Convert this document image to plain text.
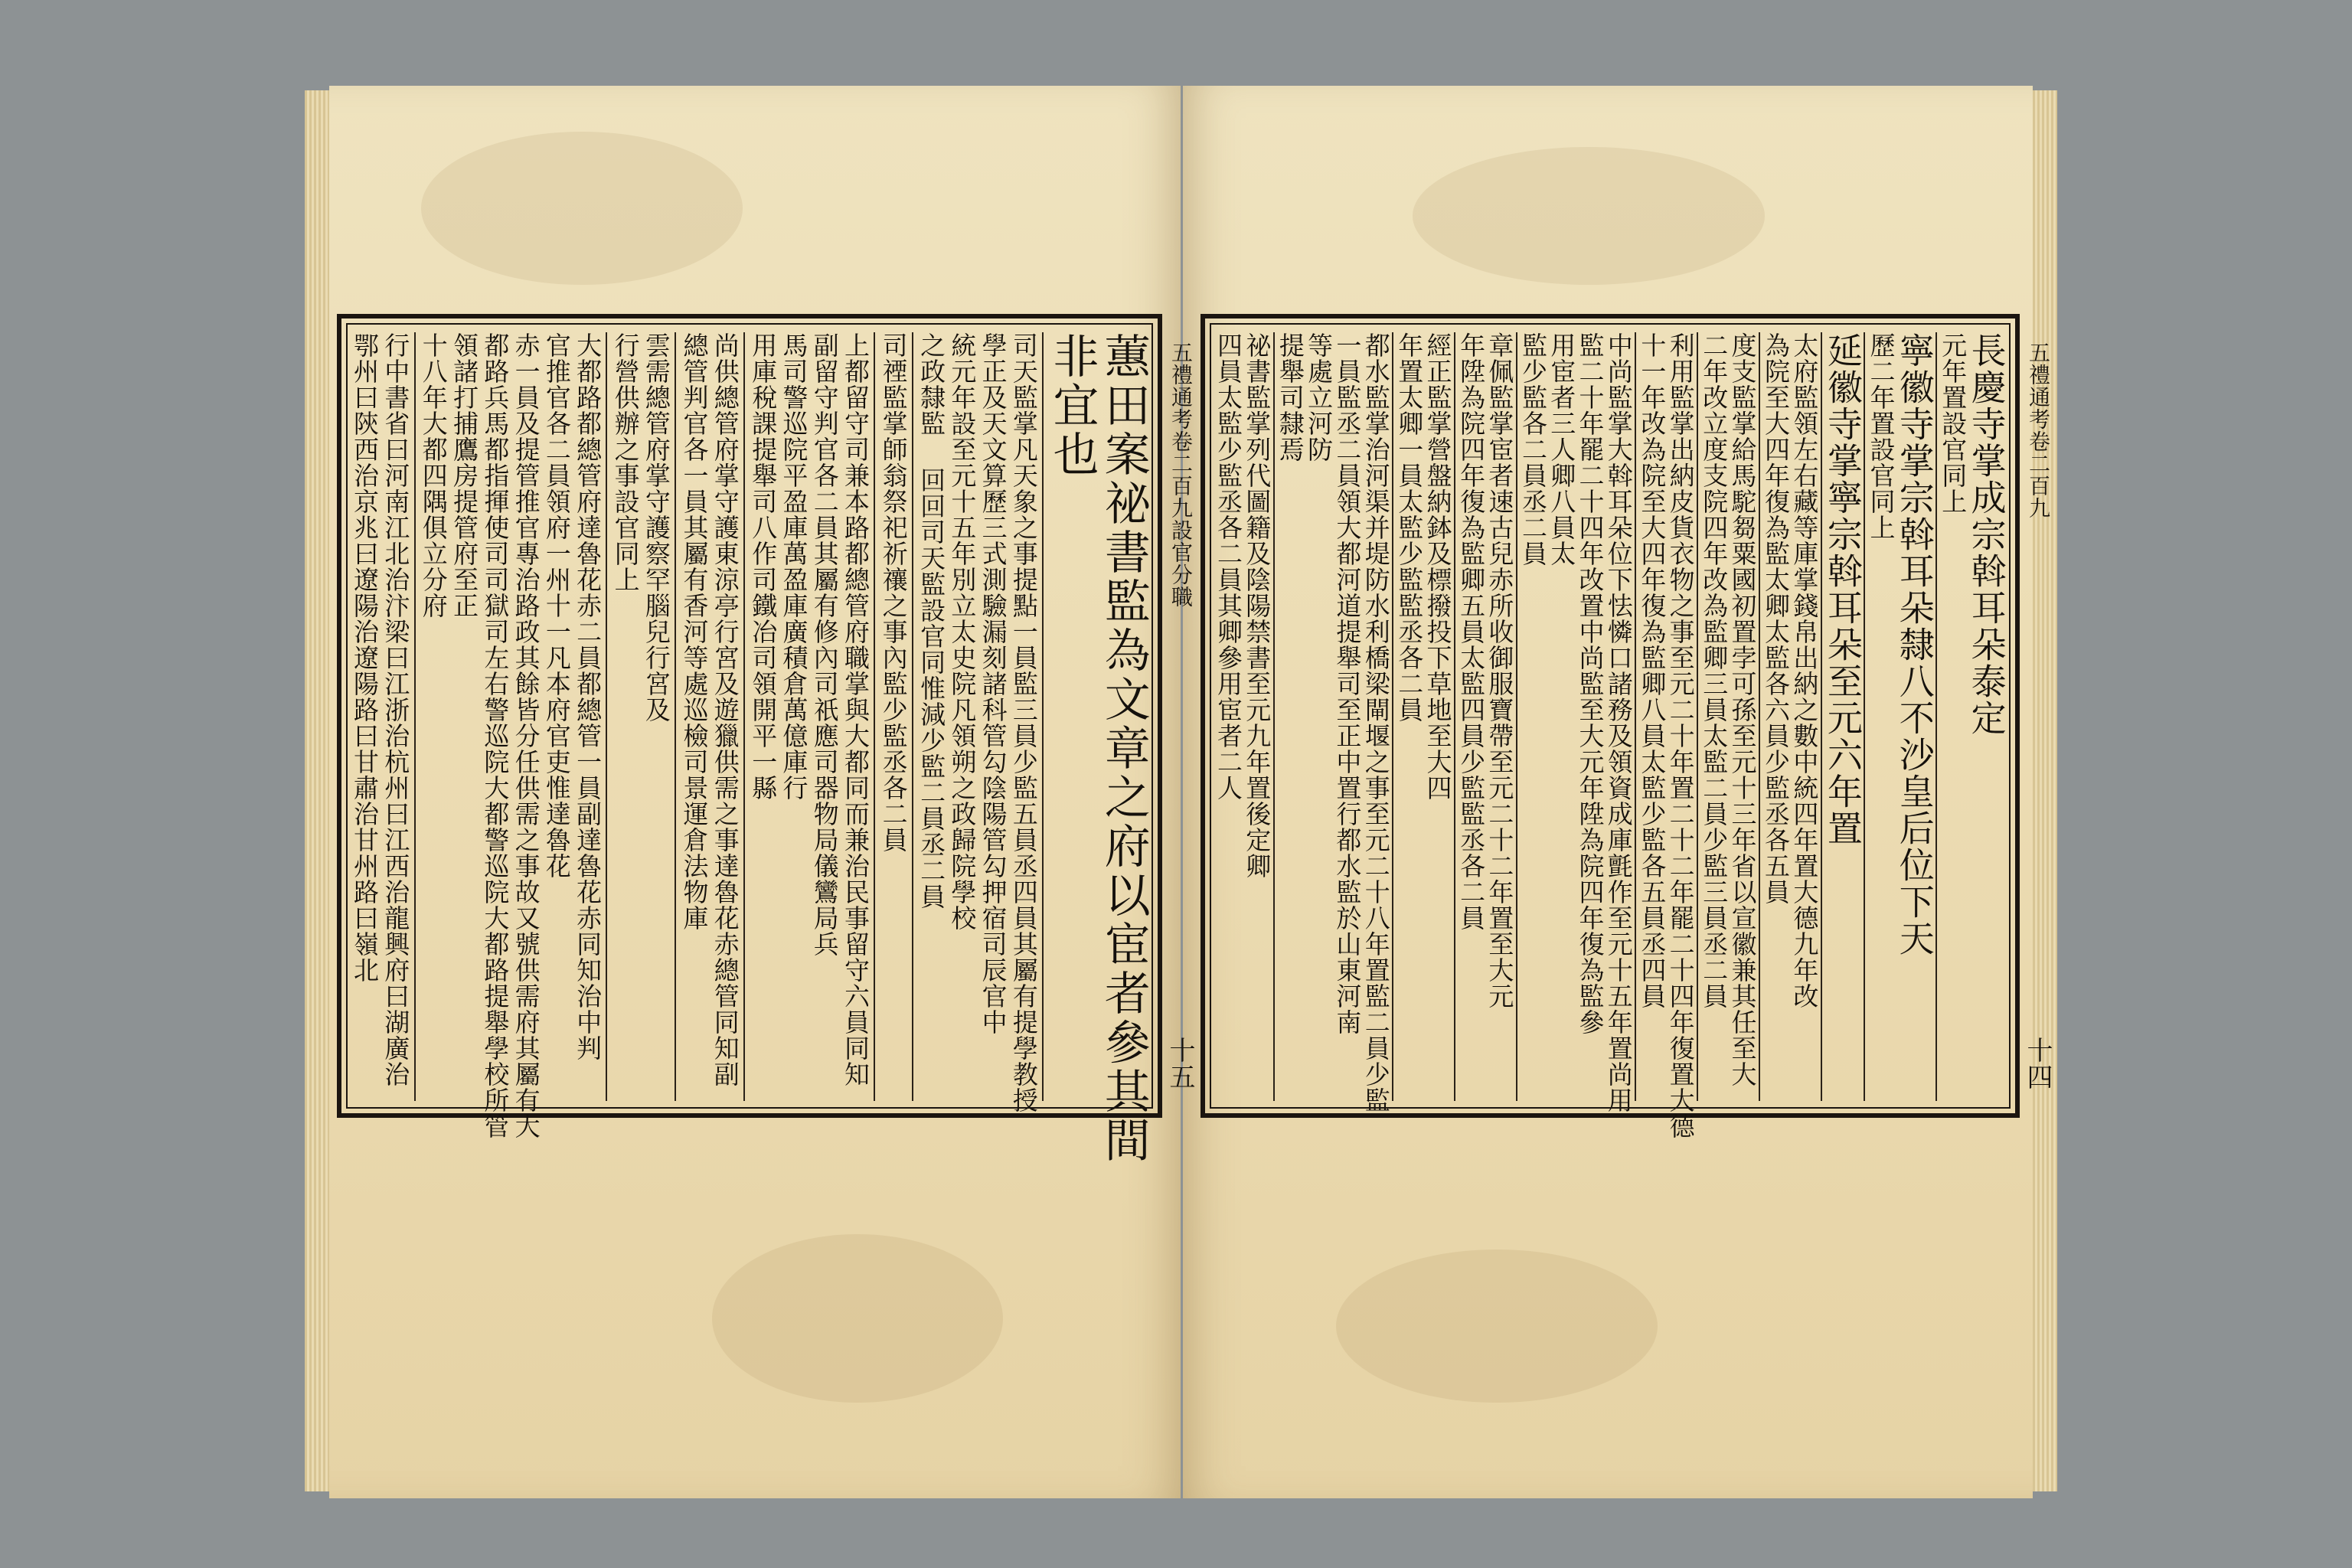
蕙田案祕書監為文章之府以宦者參其間
非宜也
司天監掌凡天象之事提點一員監三員少監五員丞四員其屬有提學教授
學正及天文算歷三式測驗漏刻諸科管勾陰陽管勾押宿司辰官中
統元年設至元十五年別立太史院凡領朔之政歸院學校
之政隸監 回回司天監設官同惟減少監二員丞二員
司禋監掌師翁祭祀祈禳之事內監少監丞各二員
上都留守司兼本路都總管府職掌與大都同而兼治民事留守六員同知
副留守判官各二員其屬有修內司祇應司器物局儀鸞局兵
馬司警巡院平盈庫萬盈庫廣積倉萬億庫行
用庫稅課提舉司八作司鐵冶司領開平一縣
尚供總管府掌守護東涼亭行宮及遊獵供需之事達魯花赤總管同知副
總管判官各一員其屬有香河等處巡檢司景運倉法物庫
雲需總管府掌守護察罕腦兒行宮及
行營供辦之事設官同上
大都路都總管府達魯花赤二員都總管一員副達魯花赤同知治中判
官推官各二員領府一州十一凡本府官吏惟達魯花
赤一員及提管推官專治路政其餘皆分任供需之事故又號供需府其屬有大
都路兵馬都指揮使司司獄司左右警巡院大都警巡院大都路提舉學校所管
領諸打捕鷹房提管府至正
十八年大都四隅俱立分府
行中書省曰河南江北治汴梁曰江浙治杭州曰江西治龍興府曰湖廣治
鄂州曰陝西治京兆曰遼陽治遼陽路曰甘肅治甘州路曰嶺北	五禮通考卷二百九設官分職
十五
長慶寺掌成宗斡耳朵泰定
元年置設官同上
寧徽寺掌宗斡耳朵隸八不沙皇后位下天
歷二年置設官同上
延徽寺掌寧宗斡耳朵至元六年置
太府監領左右藏等庫掌錢帛出納之數中統四年置大德九年改
為院至大四年復為監太卿太監各六員少監丞各五員
度支監掌給馬駝芻粟國初置孛可孫至元十三年省以宣徽兼其任至大
二年改立度支院四年改為監卿三員太監二員少監三員丞二員
利用監掌出納皮貨衣物之事至元二十年置二十二年罷二十四年復置大德
十一年改為院至大四年復為監卿八員太監少監各五員丞四員
中尚監掌大斡耳朵位下怯憐口諸務及領資成庫氈作至元十五年置尚用
監二十年罷二十四年改置中尚監至大元年陞為院四年復為監參
用宦者三人卿八員太
監少監各二員丞二員
章佩監掌宦者速古兒赤所收御服寶帶至元二十二年置至大元
年陞為院四年復為監卿五員太監四員少監監丞各二員
經正監掌營盤納鉢及標撥投下草地至大四
年置太卿一員太監少監監丞各二員
都水監掌治河渠并堤防水利橋梁閘堰之事至元二十八年置監二員少監
一員監丞二員領大都河道提舉司至正中置行都水監於山東河南
等處立河防
提舉司隸焉
祕書監掌列代圖籍及陰陽禁書至元九年置後定卿
四員太監少監丞各二員其卿參用宦者二人	五禮通考卷二百九
十四
